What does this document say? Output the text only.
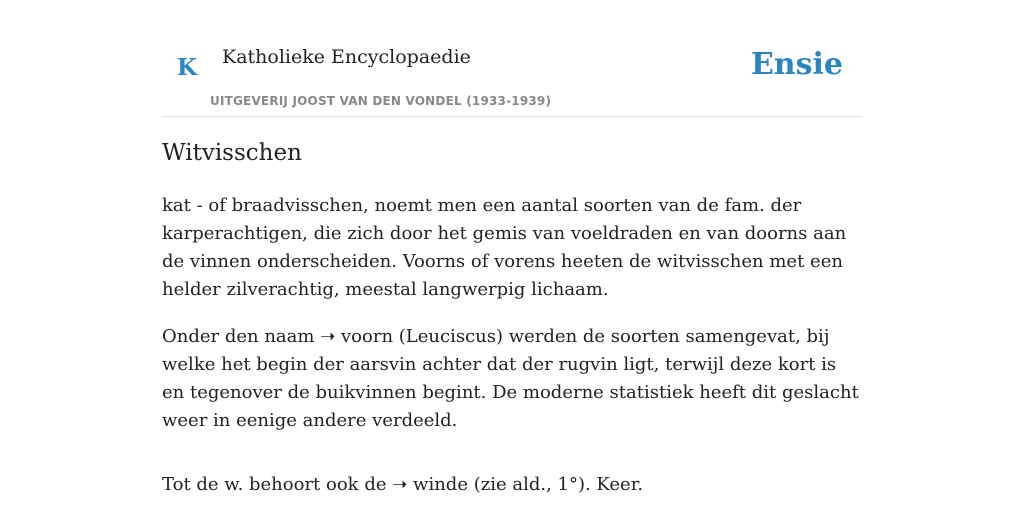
K Katholieke Encyclopaedie
UITGEVERIJ JOOST VAN DEN VONDEL (1933-1939)
Ensie
Witvisschen

kat - of braadvisschen, noemt men een aantal soorten van de fam. der karperachtigen, die zich door het gemis van voeldraden en van doorns aan de vinnen onderscheiden. Voorns of vorens heeten de witvisschen met een helder zilverachtig, meestal langwerpig lichaam.

Onder den naam ➝ voorn (Leuciscus) werden de soorten samengevat, bij welke het begin der aarsvin achter dat der rugvin ligt, terwijl deze kort is en tegenover de buikvinnen begint. De moderne statistiek heeft dit geslacht weer in eenige andere verdeeld.

Tot de w. behoort ook de ➝ winde (zie ald., 1°). Keer.
